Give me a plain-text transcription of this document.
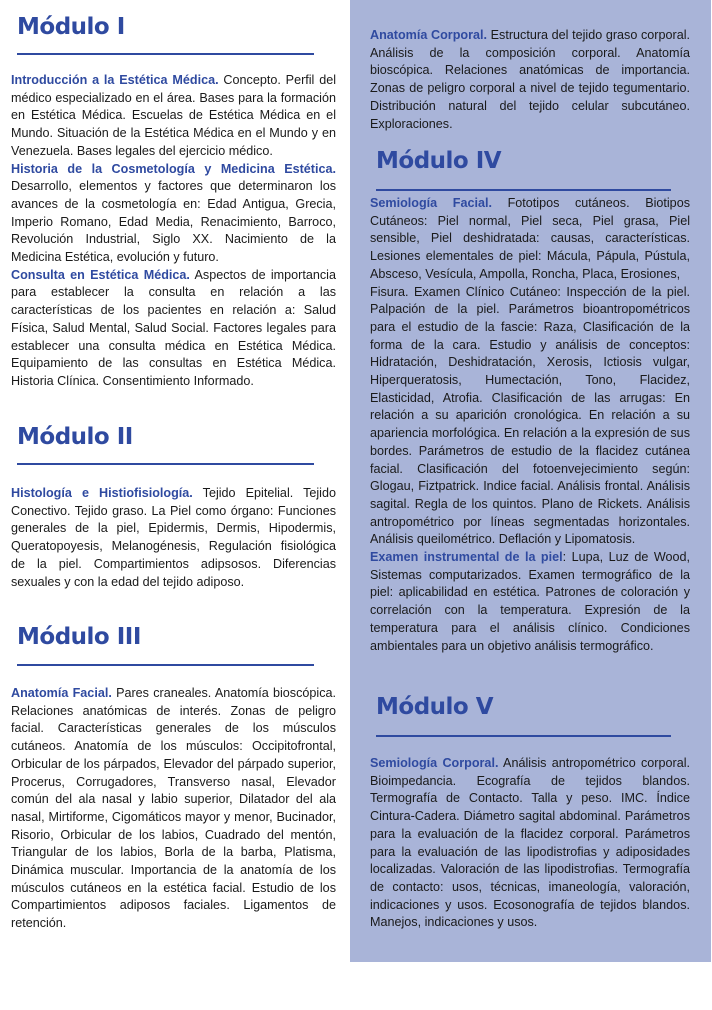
Módulo I
Introducción a la Estética Médica. Concepto. Perfil del médico especializado en el área. Bases para la formación en Estética Médica. Escuelas de Estética Médica en el Mundo. Situación de la Estética Médica en el Mundo y en Venezuela. Bases legales del ejercicio médico.
Historia de la Cosmetología y Medicina Estética. Desarrollo, elementos y factores que determinaron los avances de la cosmetología en: Edad Antigua, Grecia, Imperio Romano, Edad Media, Renacimiento, Barroco, Revolución Industrial, Siglo XX. Nacimiento de la Medicina Estética, evolución y futuro.
Consulta en Estética Médica. Aspectos de importancia para establecer la consulta en relación a las características de los pacientes en relación a: Salud Física, Salud Mental, Salud Social. Factores legales para establecer una consulta médica en Estética Médica. Equipamiento de las consultas en Estética Médica. Historia Clínica. Consentimiento Informado.
Módulo II
Histología e Histiofisiología. Tejido Epitelial. Tejido Conectivo. Tejido graso. La Piel como órgano: Funciones generales de la piel, Epidermis, Dermis, Hipodermis, Queratopoyesis, Melanogénesis, Regulación fisiológica de la piel. Compartimientos adipsosos. Diferencias sexuales y con la edad del tejido adiposo.
Módulo III
Anatomía Facial. Pares craneales. Anatomía bioscópica. Relaciones anatómicas de interés. Zonas de peligro facial. Características generales de los músculos cutáneos. Anatomía de los músculos: Occipitofrontal, Orbicular de los párpados, Elevador del párpado superior, Procerus, Corrugadores, Transverso nasal, Elevador común del ala nasal y labio superior, Dilatador del ala nasal, Mirtiforme, Cigomáticos mayor y menor, Bucinador, Risorio, Orbicular de los labios, Cuadrado del mentón, Triangular de los labios, Borla de la barba, Platisma, Dinámica muscular. Importancia de la anatomía de los músculos cutáneos en la estética facial. Estudio de los Compartimientos adiposos faciales. Ligamentos de retención.
Anatomía Corporal. Estructura del tejido graso corporal. Análisis de la composición corporal. Anatomía bioscópica. Relaciones anatómicas de importancia. Zonas de peligro corporal a nivel de tejido tegumentario. Distribución natural del tejido celular subcutáneo. Exploraciones.
Módulo IV
Semiología Facial. Fototipos cutáneos. Biotipos Cutáneos: Piel normal, Piel seca, Piel grasa, Piel sensible, Piel deshidratada: causas, características. Lesiones elementales de piel: Mácula, Pápula, Pústula, Absceso, Vesícula, Ampolla, Roncha, Placa, Erosiones,
Fisura. Examen Clínico Cutáneo: Inspección de la piel. Palpación de la piel. Parámetros bioantropométricos para el estudio de la fascie: Raza, Clasificación de la forma de la cara. Estudio y análisis de conceptos: Hidratación, Deshidratación, Xerosis, Ictiosis vulgar, Hiperqueratosis, Humectación, Tono, Flacidez, Elasticidad, Atrofia. Clasificación de las arrugas: En relación a su aparición cronológica. En relación a su apariencia morfológica. En relación a la expresión de sus bordes. Parámetros de estudio de la flacidez cutánea facial. Clasificación del fotoenvejecimiento según: Glogau, Fiztpatrick. Indice facial. Análisis frontal. Análisis sagital. Regla de los quintos. Plano de Rickets. Análisis antropométrico por líneas segmentadas horizontales. Análisis queilométrico. Deflación y Lipomatosis.
Examen instrumental de la piel: Lupa, Luz de Wood, Sistemas computarizados. Examen termográfico de la piel: aplicabilidad en estética. Patrones de coloración y correlación con la temperatura. Expresión de la temperatura para el análisis clínico. Condiciones ambientales para un objetivo análisis termográfico.
Módulo V
Semiología Corporal. Análisis antropométrico corporal. Bioimpedancia. Ecografía de tejidos blandos. Termografía de Contacto. Talla y peso. IMC. Índice Cintura-Cadera. Diámetro sagital abdominal. Parámetros para la evaluación de la flacidez corporal. Parámetros para la evaluación de las lipodistrofias y adiposidades localizadas. Valoración de las lipodistrofias. Termografía de contacto: usos, técnicas, imaneología, valoración, indicaciones y usos. Ecosonografía de tejidos blandos. Manejos, indicaciones y usos.
